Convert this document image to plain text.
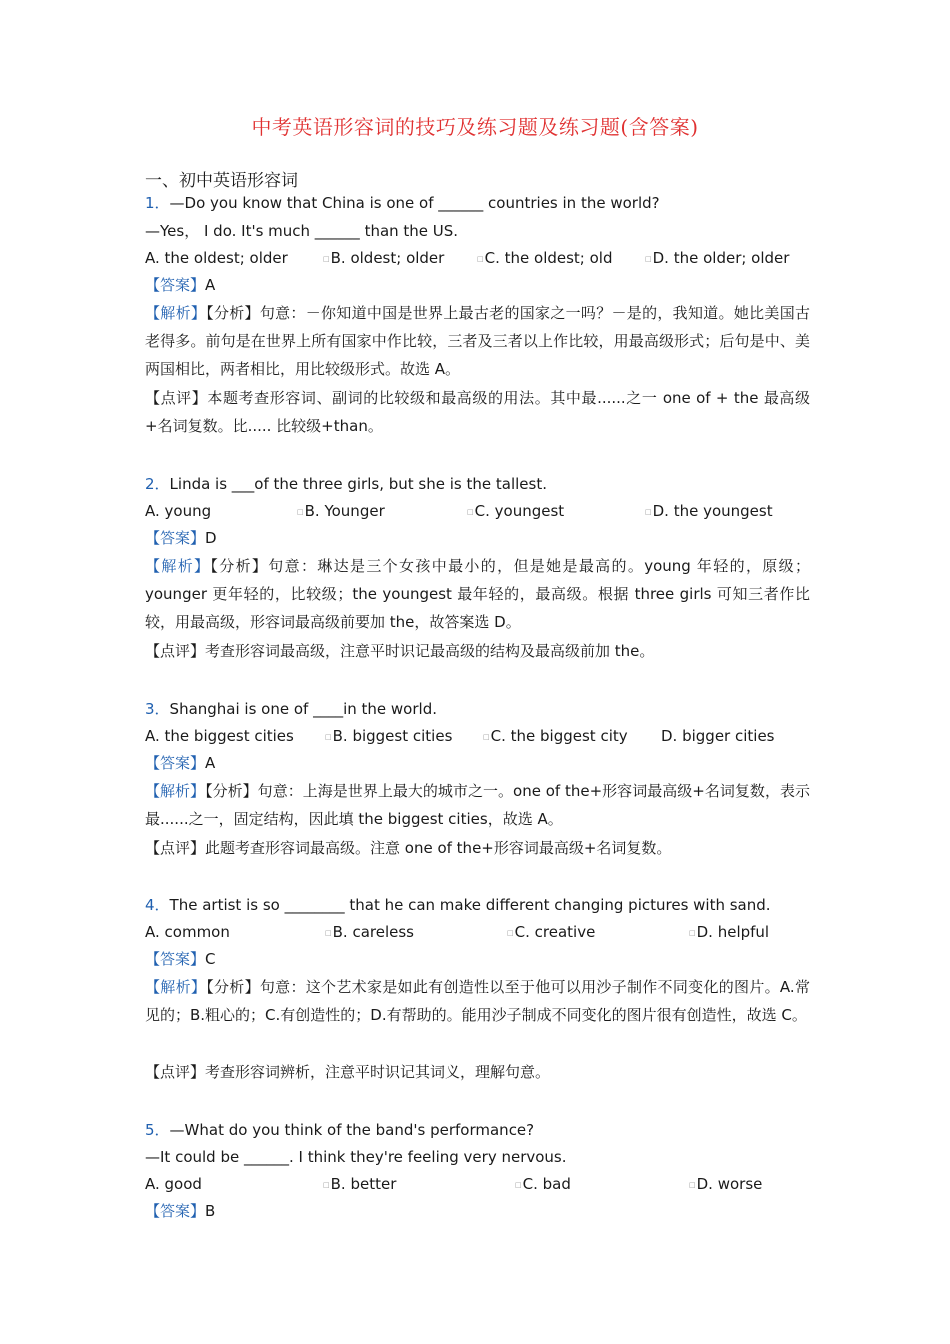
中考英语形容词的技巧及练习题及练习题(含答案)
一、初中英语形容词
1．—Do you know that China is one of ______ countries in the world?
—Yes， I do. It's much ______ than the US.
A. the oldest; older	□B. oldest; older	□C. the oldest; old	□D. the older; older
【答案】A
【解析】【分析】句意：－你知道中国是世界上最古老的国家之一吗？－是的，我知道。她比美国古老得多。前句是在世界上所有国家中作比较，三者及三者以上作比较，用最高级形式；后句是中、美两国相比，两者相比，用比较级形式。故选 A。
【点评】本题考查形容词、副词的比较级和最高级的用法。其中最......之一 one of + the 最高级+名词复数。比..... 比较级+than。
2．Linda is ___of the three girls, but she is the tallest.
A. young	□B. Younger	□C. youngest	□D. the youngest
【答案】D
【解析】【分析】句意：琳达是三个女孩中最小的，但是她是最高的。young 年轻的，原级；younger 更年轻的，比较级；the youngest 最年轻的，最高级。根据 three girls 可知三者作比较，用最高级，形容词最高级前要加 the，故答案选 D。
【点评】考查形容词最高级，注意平时识记最高级的结构及最高级前加 the。
3．Shanghai is one of ____in the world.
A. the biggest cities	□B. biggest cities	□C. the biggest city D. bigger cities
【答案】A
【解析】【分析】句意：上海是世界上最大的城市之一。one of the+形容词最高级+名词复数，表示最......之一，固定结构，因此填 the biggest cities，故选 A。
【点评】此题考查形容词最高级。注意 one of the+形容词最高级+名词复数。
4．The artist is so ________ that he can make different changing pictures with sand.
A. common	□B. careless	□C. creative	□D. helpful
【答案】C
【解析】【分析】句意：这个艺术家是如此有创造性以至于他可以用沙子制作不同变化的图片。A.常见的；B.粗心的；C.有创造性的；D.有帮助的。能用沙子制成不同变化的图片很有创造性，故选 C。
【点评】考查形容词辨析，注意平时识记其词义，理解句意。
5．—What do you think of the band's performance?
—It could be ______. I think they're feeling very nervous.
A. good	□B. better	□C. bad	□D. worse
【答案】B
